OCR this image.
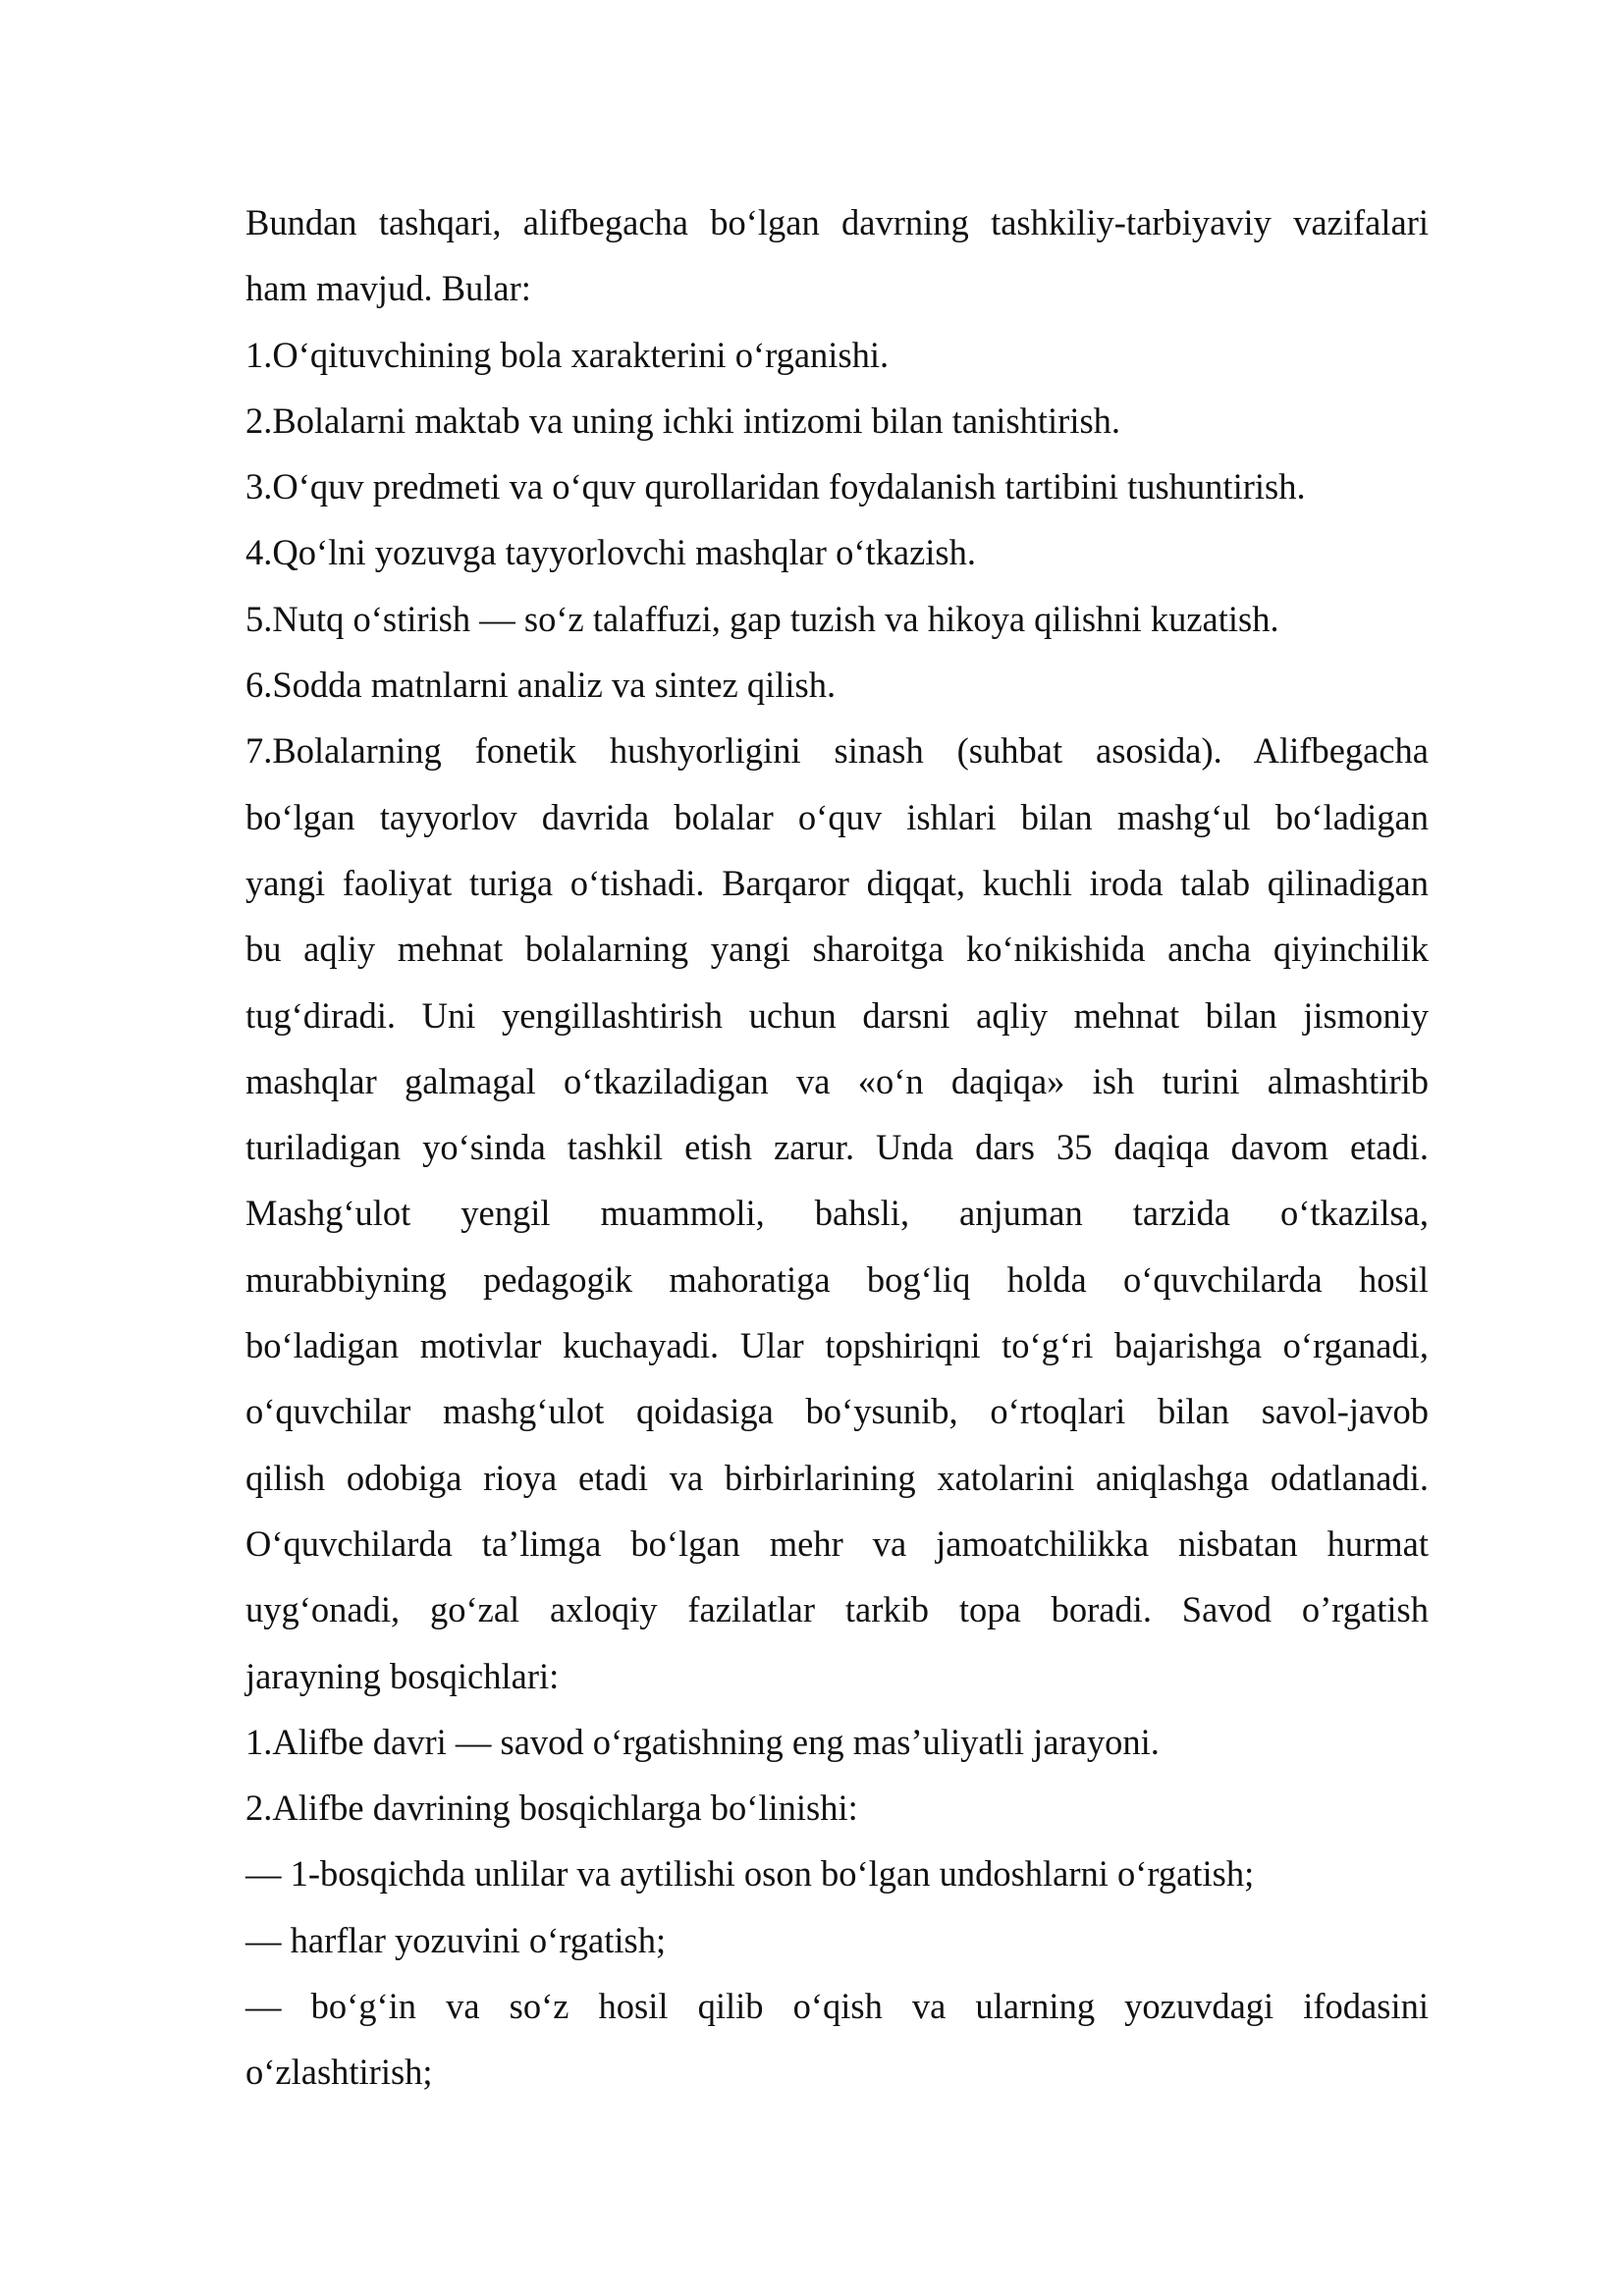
Bundan tashqari, alifbegacha bo‘lgan davrning tashkiliy-tarbiyaviy vazifalari
ham mavjud. Bular:
1.O‘qituvchining bola xarakterini o‘rganishi.
2.Bolalarni maktab va uning ichki intizomi bilan tanishtirish.
3.O‘quv predmeti va o‘quv qurollaridan foydalanish tartibini tushuntirish.
4.Qo‘lni yozuvga tayyorlovchi mashqlar o‘tkazish.
5.Nutq o‘stirish — so‘z talaffuzi, gap tuzish va hikoya qilishni kuzatish.
6.Sodda matnlarni analiz va sintez qilish.
7.Bolalarning fonetik hushyorligini sinash (suhbat asosida). Alifbegacha
bo‘lgan tayyorlov davrida bolalar o‘quv ishlari bilan mashg‘ul bo‘ladigan
yangi faoliyat turiga o‘tishadi. Barqaror diqqat, kuchli iroda talab qilinadigan
bu aqliy mehnat bolalarning yangi sharoitga ko‘nikishida ancha qiyinchilik
tug‘diradi. Uni yengillashtirish uchun darsni aqliy mehnat bilan jismoniy
mashqlar galmagal o‘tkaziladigan va «o‘n daqiqa» ish turini almashtirib
turiladigan yo‘sinda tashkil etish zarur. Unda dars 35 daqiqa davom etadi.
Mashg‘ulot yengil muammoli, bahsli, anjuman tarzida o‘tkazilsa,
murabbiyning pedagogik mahoratiga bog‘liq holda o‘quvchilarda hosil
bo‘ladigan motivlar kuchayadi. Ular topshiriqni to‘g‘ri bajarishga o‘rganadi,
o‘quvchilar mashg‘ulot qoidasiga bo‘ysunib, o‘rtoqlari bilan savol-javob
qilish odobiga rioya etadi va birbirlarining xatolarini aniqlashga odatlanadi.
O‘quvchilarda ta’limga bo‘lgan mehr va jamoatchilikka nisbatan hurmat
uyg‘onadi, go‘zal axloqiy fazilatlar tarkib topa boradi. Savod o’rgatish
jarayning bosqichlari:
1.Alifbe davri — savod o‘rgatishning eng mas’uliyatli jarayoni.
2.Alifbe davrining bosqichlarga bo‘linishi:
— 1-bosqichda unlilar va aytilishi oson bo‘lgan undoshlarni o‘rgatish;
— harflar yozuvini o‘rgatish;
— bo‘g‘in va so‘z hosil qilib o‘qish va ularning yozuvdagi ifodasini
o‘zlashtirish;
